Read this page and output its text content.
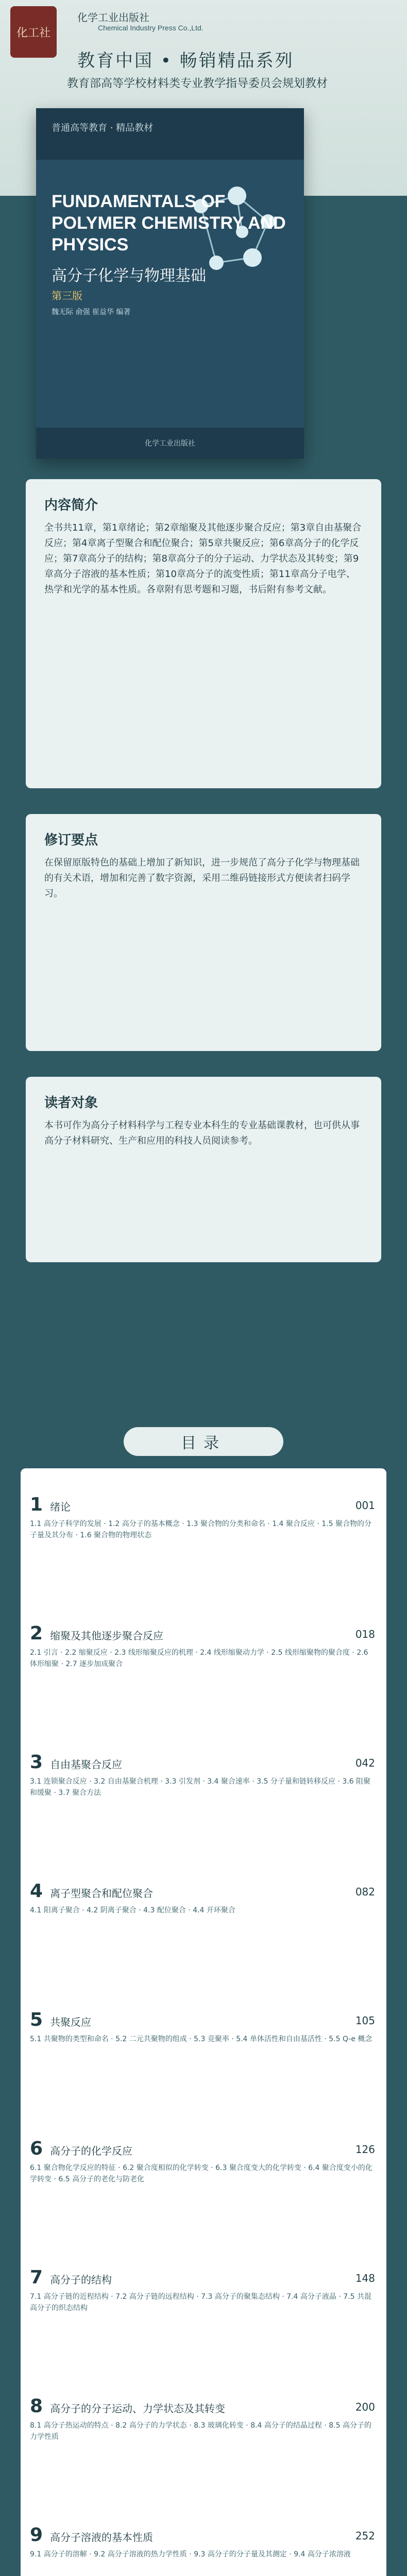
化工社
化学工业出版社
Chemical Industry Press Co.,Ltd.
教育中国 • 畅销精品系列
教育部高等学校材料类专业教学指导委员会规划教材
普通高等教育 · 精品教材
FUNDAMENTALS OF POLYMER CHEMISTRY AND PHYSICS
高分子化学与物理基础
第三版
魏无际 俞强 崔益华 编著
化学工业出版社
内容简介
全书共11章，第1章绪论；第2章缩聚及其他逐步聚合反应；第3章自由基聚合反应；第4章离子型聚合和配位聚合；第5章共聚反应；第6章高分子的化学反应；第7章高分子的结构；第8章高分子的分子运动、力学状态及其转变；第9章高分子溶液的基本性质；第10章高分子的流变性质；第11章高分子电学、热学和光学的基本性质。各章附有思考题和习题，书后附有参考文献。
修订要点
在保留原版特色的基础上增加了新知识，进一步规范了高分子化学与物理基础的有关术语，增加和完善了数字资源，采用二维码链接形式方便读者扫码学习。
读者对象
本书可作为高分子材料科学与工程专业本科生的专业基础课教材，也可供从事高分子材料研究、生产和应用的科技人员阅读参考。
目录
1 绪论	001
1.1 高分子科学的发展 · 1.2 高分子的基本概念 · 1.3 聚合物的分类和命名 · 1.4 聚合反应 · 1.5 聚合物的分子量及其分布 · 1.6 聚合物的物理状态
2 缩聚及其他逐步聚合反应	018
2.1 引言 · 2.2 缩聚反应 · 2.3 线形缩聚反应的机理 · 2.4 线形缩聚动力学 · 2.5 线形缩聚物的聚合度 · 2.6 体形缩聚 · 2.7 逐步加成聚合
3 自由基聚合反应	042
3.1 连锁聚合反应 · 3.2 自由基聚合机理 · 3.3 引发剂 · 3.4 聚合速率 · 3.5 分子量和链转移反应 · 3.6 阻聚和缓聚 · 3.7 聚合方法
4 离子型聚合和配位聚合	082
4.1 阳离子聚合 · 4.2 阴离子聚合 · 4.3 配位聚合 · 4.4 开环聚合
5 共聚反应	105
5.1 共聚物的类型和命名 · 5.2 二元共聚物的组成 · 5.3 竞聚率 · 5.4 单体活性和自由基活性 · 5.5 Q-e 概念
6 高分子的化学反应	126
6.1 聚合物化学反应的特征 · 6.2 聚合度相似的化学转变 · 6.3 聚合度变大的化学转变 · 6.4 聚合度变小的化学转变 · 6.5 高分子的老化与防老化
7 高分子的结构	148
7.1 高分子链的近程结构 · 7.2 高分子链的远程结构 · 7.3 高分子的聚集态结构 · 7.4 高分子液晶 · 7.5 共混高分子的织态结构
8 高分子的分子运动、力学状态及其转变	200
8.1 高分子热运动的特点 · 8.2 高分子的力学状态 · 8.3 玻璃化转变 · 8.4 高分子的结晶过程 · 8.5 高分子的力学性质
9 高分子溶液的基本性质	252
9.1 高分子的溶解 · 9.2 高分子溶液的热力学性质 · 9.3 高分子的分子量及其测定 · 9.4 高分子浓溶液
